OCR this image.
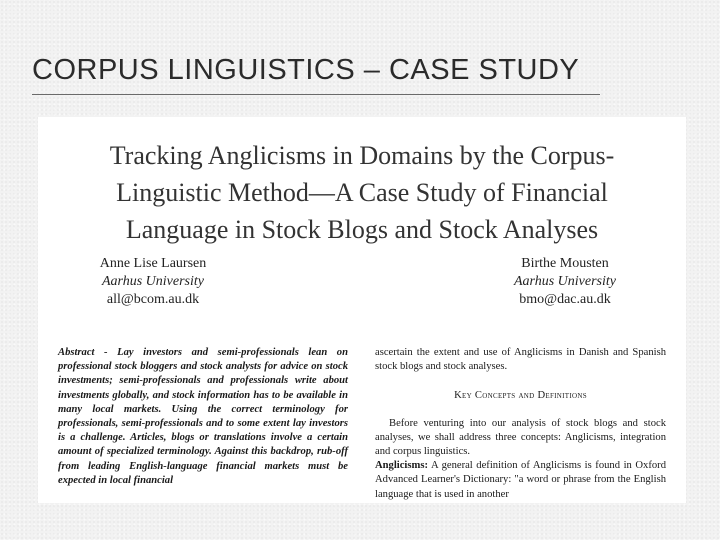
CORPUS LINGUISTICS – CASE STUDY
Tracking Anglicisms in Domains by the Corpus-
Linguistic Method—A Case Study of Financial
Language in Stock Blogs and Stock Analyses
Anne Lise Laursen
Aarhus University
all@bcom.au.dk
Birthe Mousten
Aarhus University
bmo@dac.au.dk

Abstract - Lay investors and semi-professionals lean on professional stock bloggers and stock analysts for advice on stock investments; semi-professionals and professionals write about investments globally, and stock information has to be available in many local markets. Using the correct terminology for professionals, semi-professionals and to some extent lay investors is a challenge. Articles, blogs or translations involve a certain amount of specialized terminology. Against this backdrop, rub-off from leading English-language financial markets must be expected in local financial

ascertain the extent and use of Anglicisms in Danish and Spanish stock blogs and stock analyses.

Key Concepts and Definitions

Before venturing into our analysis of stock blogs and stock analyses, we shall address three concepts: Anglicisms, integration and corpus linguistics.

Anglicisms: A general definition of Anglicisms is found in Oxford Advanced Learner's Dictionary: "a word or phrase from the English language that is used in another
